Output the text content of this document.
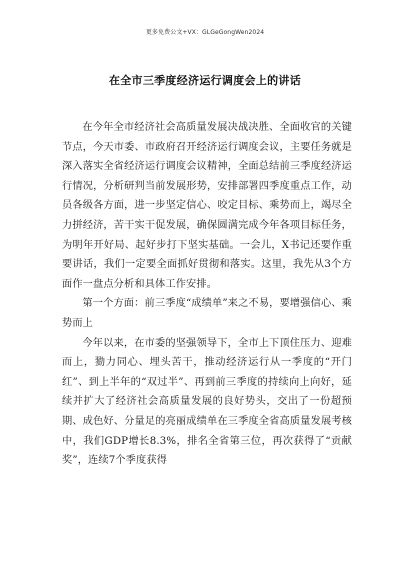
更多免费公文+VX：GLGeGongWen2024
在全市三季度经济运行调度会上的讲话

在今年全市经济社会高质量发展决战决胜、全面收官的关键节点，今天市委、市政府召开经济运行调度会议，主要任务就是深入落实全省经济运行调度会议精神，全面总结前三季度经济运行情况，分析研判当前发展形势，安排部署四季度重点工作，动员各级各方面，进一步坚定信心、咬定目标、乘势而上，竭尽全力拼经济，苦干实干促发展，确保圆满完成今年各项目标任务，为明年开好局、起好步打下坚实基础。一会儿，X书记还要作重要讲话，我们一定要全面抓好贯彻和落实。这里，我先从3个方面作一盘点分析和具体工作安排。

第一个方面：前三季度“成绩单”来之不易，要增强信心、乘势而上

今年以来，在市委的坚强领导下，全市上下顶住压力、迎难而上，勠力同心、埋头苦干，推动经济运行从一季度的“开门红”、到上半年的“双过半”、再到前三季度的持续向上向好，延续并扩大了经济社会高质量发展的良好势头，交出了一份超预期、成色好、分量足的亮丽成绩单在三季度全省高质量发展考核中，我们GDP增长8.3%，排名全省第三位，再次获得了“贡献奖”，连续7个季度获得
